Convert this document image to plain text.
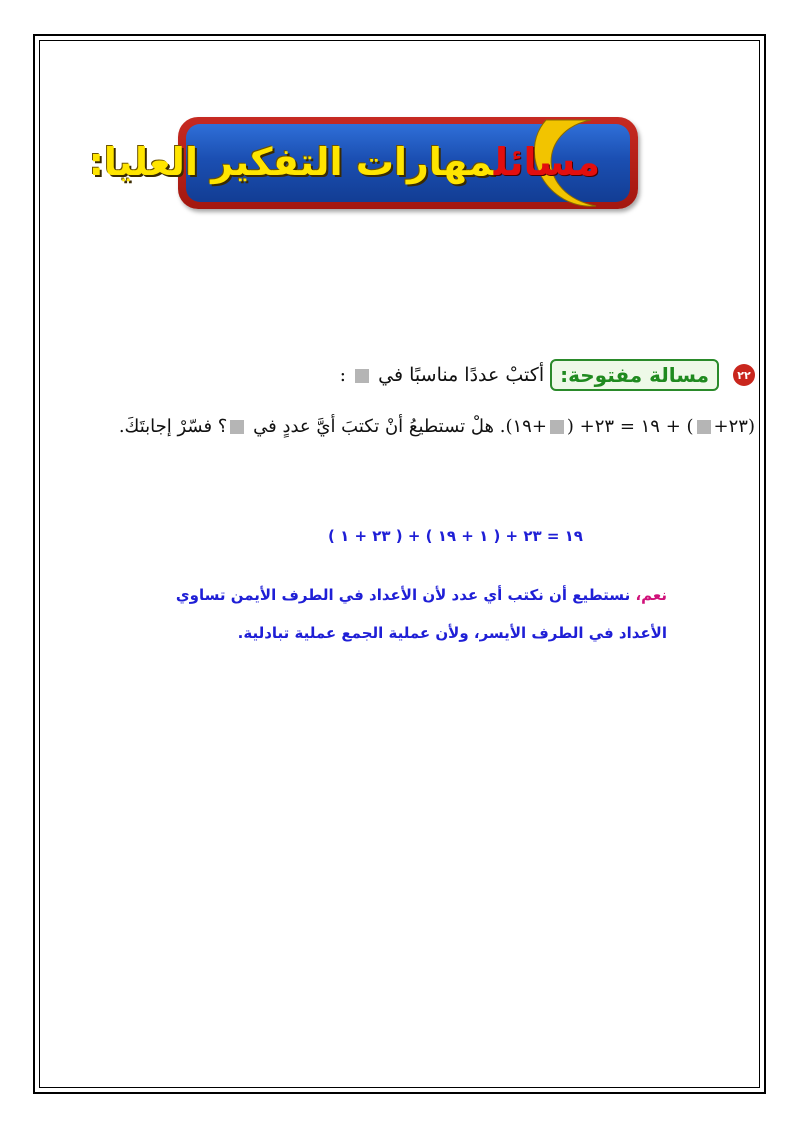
مسائلمهارات التفكير العليا:
٢٢
مسالة مفتوحة:
أكتبْ عددًا مناسبًا في  :
(٢٣+) + ١٩ = ٢٣+ (+١٩). هلْ تستطيعُ أنْ تكتبَ أيَّ عددٍ في ؟ فسّرْ إجابتَكَ.
( ٢٣ + ١ ) + ١٩ = ٢٣ + ( ١ + ١٩ )
نعم، نستطيع أن نكتب أي عدد لأن الأعداد في الطرف الأيمن تساوي
الأعداد في الطرف الأيسر، ولأن عملية الجمع عملية تبادلية.
